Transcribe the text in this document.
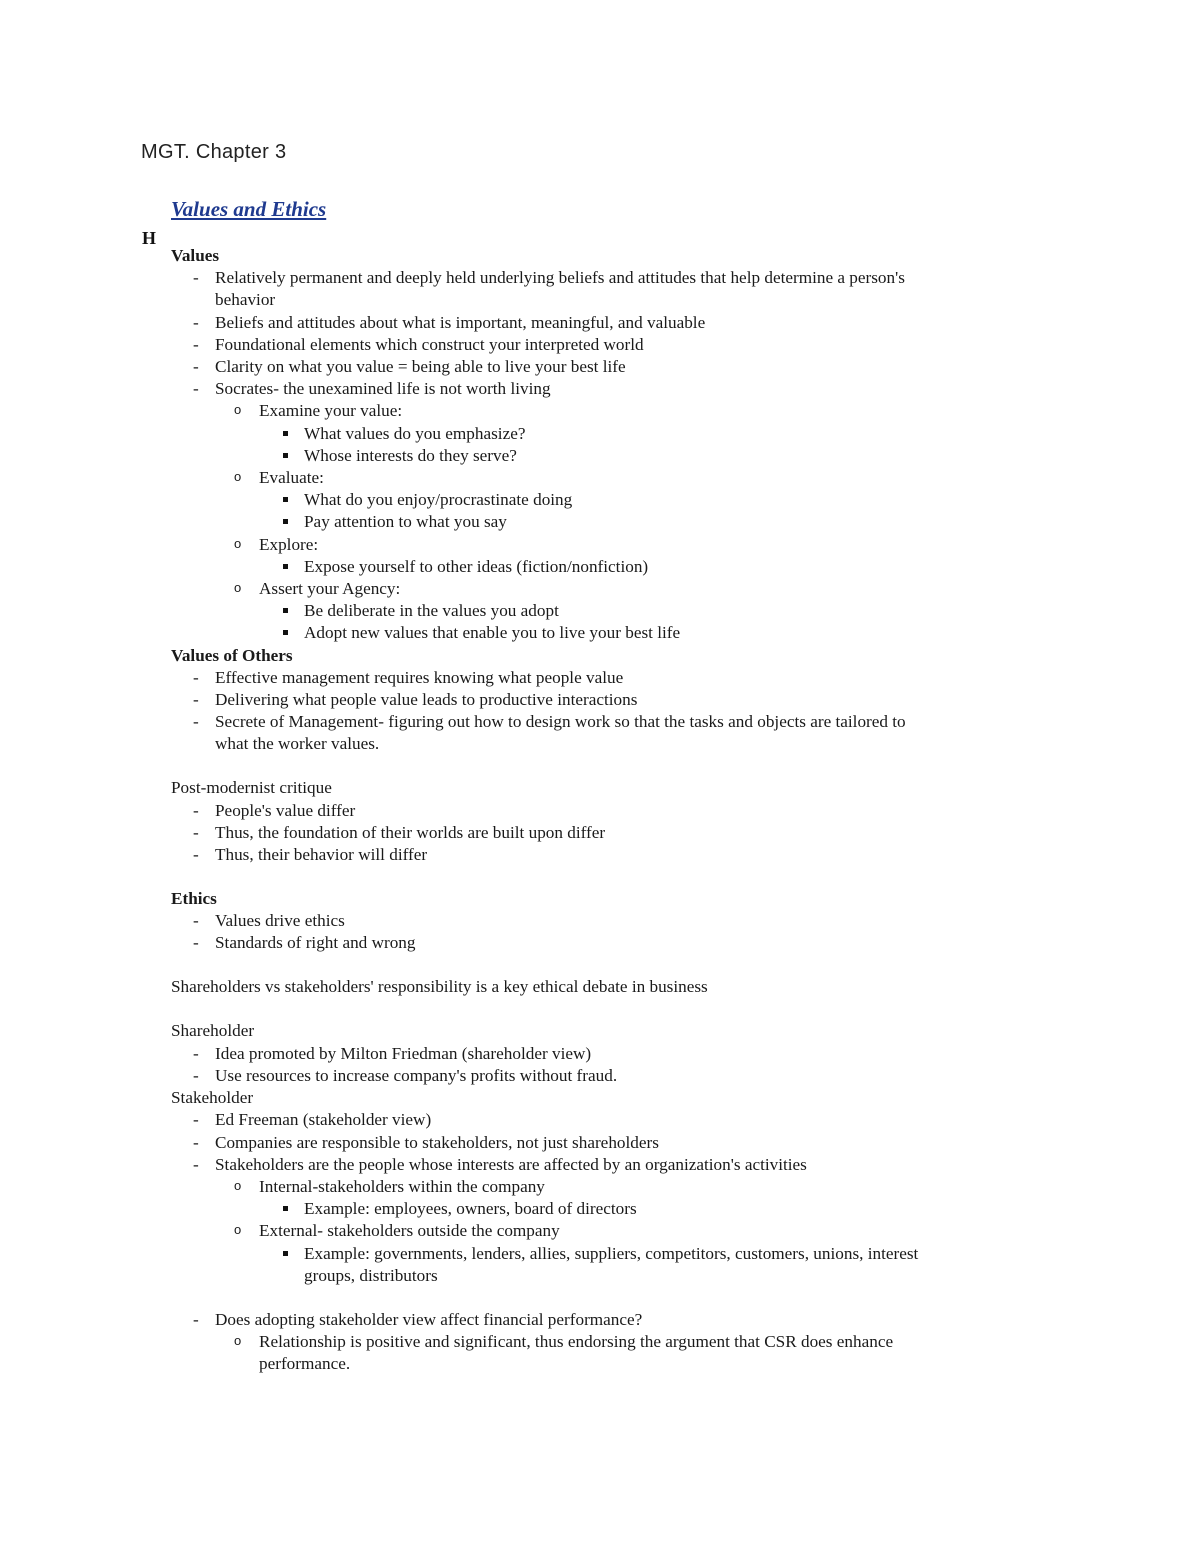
MGT. Chapter 3
Values and Ethics
H
Values
- Relatively permanent and deeply held underlying beliefs and attitudes that help determine a person's behavior
- Beliefs and attitudes about what is important, meaningful, and valuable
- Foundational elements which construct your interpreted world
- Clarity on what you value = being able to live your best life
- Socrates- the unexamined life is not worth living
o Examine your value:
What values do you emphasize?
Whose interests do they serve?
o Evaluate:
What do you enjoy/procrastinate doing
Pay attention to what you say
o Explore:
Expose yourself to other ideas (fiction/nonfiction)
o Assert your Agency:
Be deliberate in the values you adopt
Adopt new values that enable you to live your best life
Values of Others
- Effective management requires knowing what people value
- Delivering what people value leads to productive interactions
- Secrete of Management- figuring out how to design work so that the tasks and objects are tailored to what the worker values.
Post-modernist critique
- People's value differ
- Thus, the foundation of their worlds are built upon differ
- Thus, their behavior will differ
Ethics
- Values drive ethics
- Standards of right and wrong
Shareholders vs stakeholders' responsibility is a key ethical debate in business
Shareholder
- Idea promoted by Milton Friedman (shareholder view)
- Use resources to increase company's profits without fraud.
Stakeholder
- Ed Freeman (stakeholder view)
- Companies are responsible to stakeholders, not just shareholders
- Stakeholders are the people whose interests are affected by an organization's activities
o Internal-stakeholders within the company
Example: employees, owners, board of directors
o External- stakeholders outside the company
Example: governments, lenders, allies, suppliers, competitors, customers, unions, interest groups, distributors
- Does adopting stakeholder view affect financial performance?
o Relationship is positive and significant, thus endorsing the argument that CSR does enhance performance.
